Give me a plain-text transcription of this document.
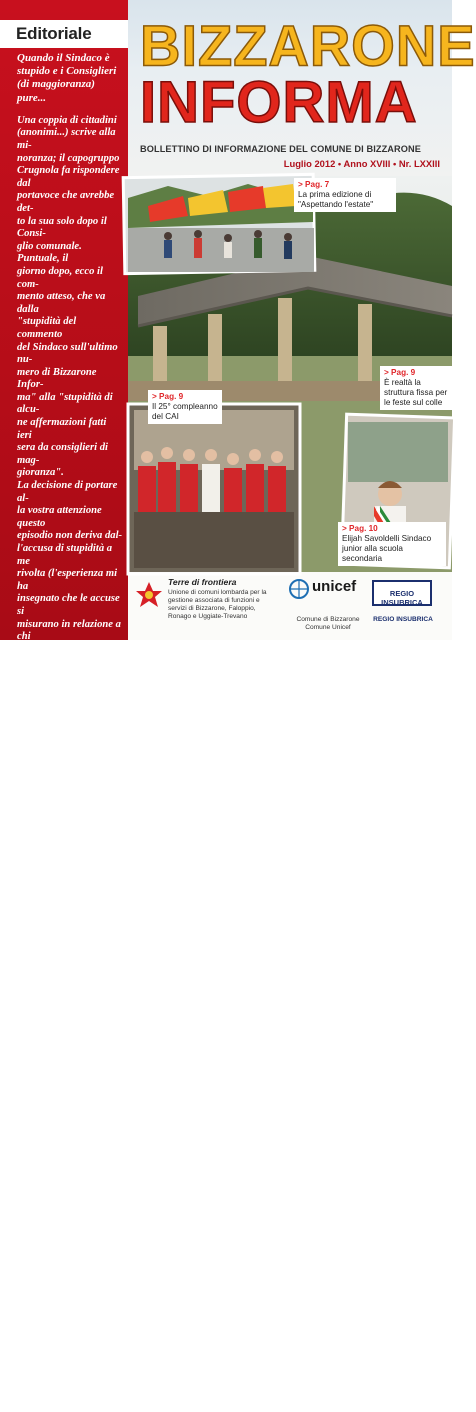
Editoriale
Quando il Sindaco è stupido e i Consiglieri (di maggioranza) pure...

Una coppia di cittadini

(anonimi...) scrive alla mi-

noranza; il capogruppo

Crugnola fa rispondere dal

portavoce che avrebbe det-

to la sua solo dopo il Consi-

glio comunale. Puntuale, il

giorno dopo, ecco il com-

mento atteso, che va dalla

"stupidità del commento

del Sindaco sull'ultimo nu-

mero di Bizzarone Infor-

ma" alla "stupidità di alcu-

ne affermazioni fatti ieri

sera da consiglieri di mag-

gioranza".

La decisione di portare al-

la vostra attenzione questo

episodio non deriva dal-

l'accusa di stupidità a me

rivolta (l'esperienza mi ha

insegnato che le accuse si

misurano in relazione a chi

te le fa e dunque questa può

scivolare come una crema

abbronzante...), ma a quel-

la rivolta ai miei collabora-

tori Felice Bernasconi, Ve-

ronica Bordoli, Barbara

Bottinelli, Daniel Cocquio,

Luca De Rosa, Mirko Ga-

sparini, Veronica La Toma

e Franco Lo Monaco. Non

accetto che vengano insul-

tati perché il loro impegno

nei confronti di Bizzarone è

serio, cristallino, costante.

Potranno, come me, sba-

gliare in qualcosa, ma non

meritano certo appellativi

simili perché a fronte del

loro impegno a fare, gli in-

sulti vengono da chi accet-

le solo nel disfare. Ad ogni

buon conto, siccome l'im-

portante è sempre la so-

stanza delle cose, vediamo

le stupidaggini di cui si sa-

rebbero macchiati...

• Questi stupidi consiglieri

(ed il loro stupido Sindaco)

hanno approvato il bilan-

cio 2011. E' stato chiuso con

un avanzo di amministra-

zione di oltre 300.000 euro

BIZZARONE
INFORMA
BOLLETTINO DI INFORMAZIONE DEL COMUNE DI BIZZARONE
Luglio 2012 • Anno XVIII • Nr. LXXIII
> Pag. 7
La prima edizione di "Aspettando l'estate"
> Pag. 9
È realtà la struttura fissa per le feste sul colle
> Pag. 9
Il 25° compleanno del CAI
> Pag. 10
Elijah Savoldelli Sindaco junior alla scuola secondaria
Terre di frontiera
Unione di comuni lombarda per la gestione associata di funzioni e servizi di Bizzarone, Faloppio, Ronago e Uggiate-Trevano
unicef
Comune di Bizzarone Comune Unicef
REGIO INSUBRICA
REGIO INSUBRICA
